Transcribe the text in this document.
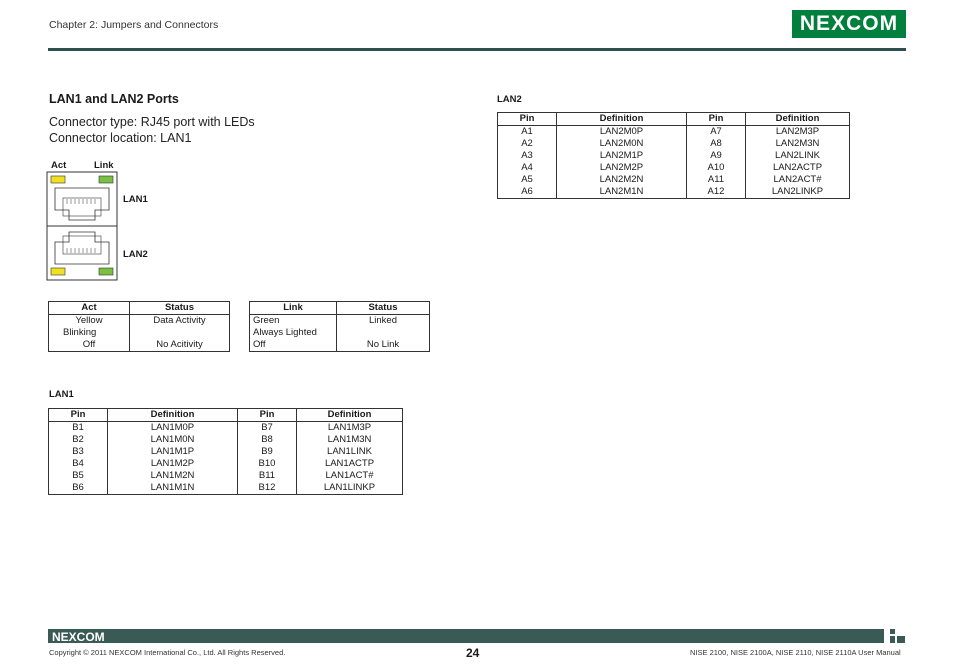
Chapter 2: Jumpers and Connectors	NE X COM
LAN1 and LAN2 Ports
Connector type: RJ45 port with LEDs
Connector location: LAN1
Act	Link
LAN1
LAN2
Act	Status
Yellow	Data Activity
Blinking	
Off	No Acitivity
Link	Status
Green	Linked
Always Lighted	
Off	No Link
LAN1
Pin	Definition	Pin	Definition
B1	LAN1M0P	B7	LAN1M3P
B2	LAN1M0N	B8	LAN1M3N
B3	LAN1M1P	B9	LAN1LINK
B4	LAN1M2P	B10	LAN1ACTP
B5	LAN1M2N	B11	LAN1ACT#
B6	LAN1M1N	B12	LAN1LINKP
LAN2
Pin	Definition	Pin	Definition
A1	LAN2M0P	A7	LAN2M3P
A2	LAN2M0N	A8	LAN2M3N
A3	LAN2M1P	A9	LAN2LINK
A4	LAN2M2P	A10	LAN2ACTP
A5	LAN2M2N	A11	LAN2ACT#
A6	LAN2M1N	A12	LAN2LINKP
NEXCOM
Copyright © 2011 NEXCOM International Co., Ltd. All Rights Reserved.	24	NISE 2100, NISE 2100A, NISE 2110, NISE 2110A User Manual
